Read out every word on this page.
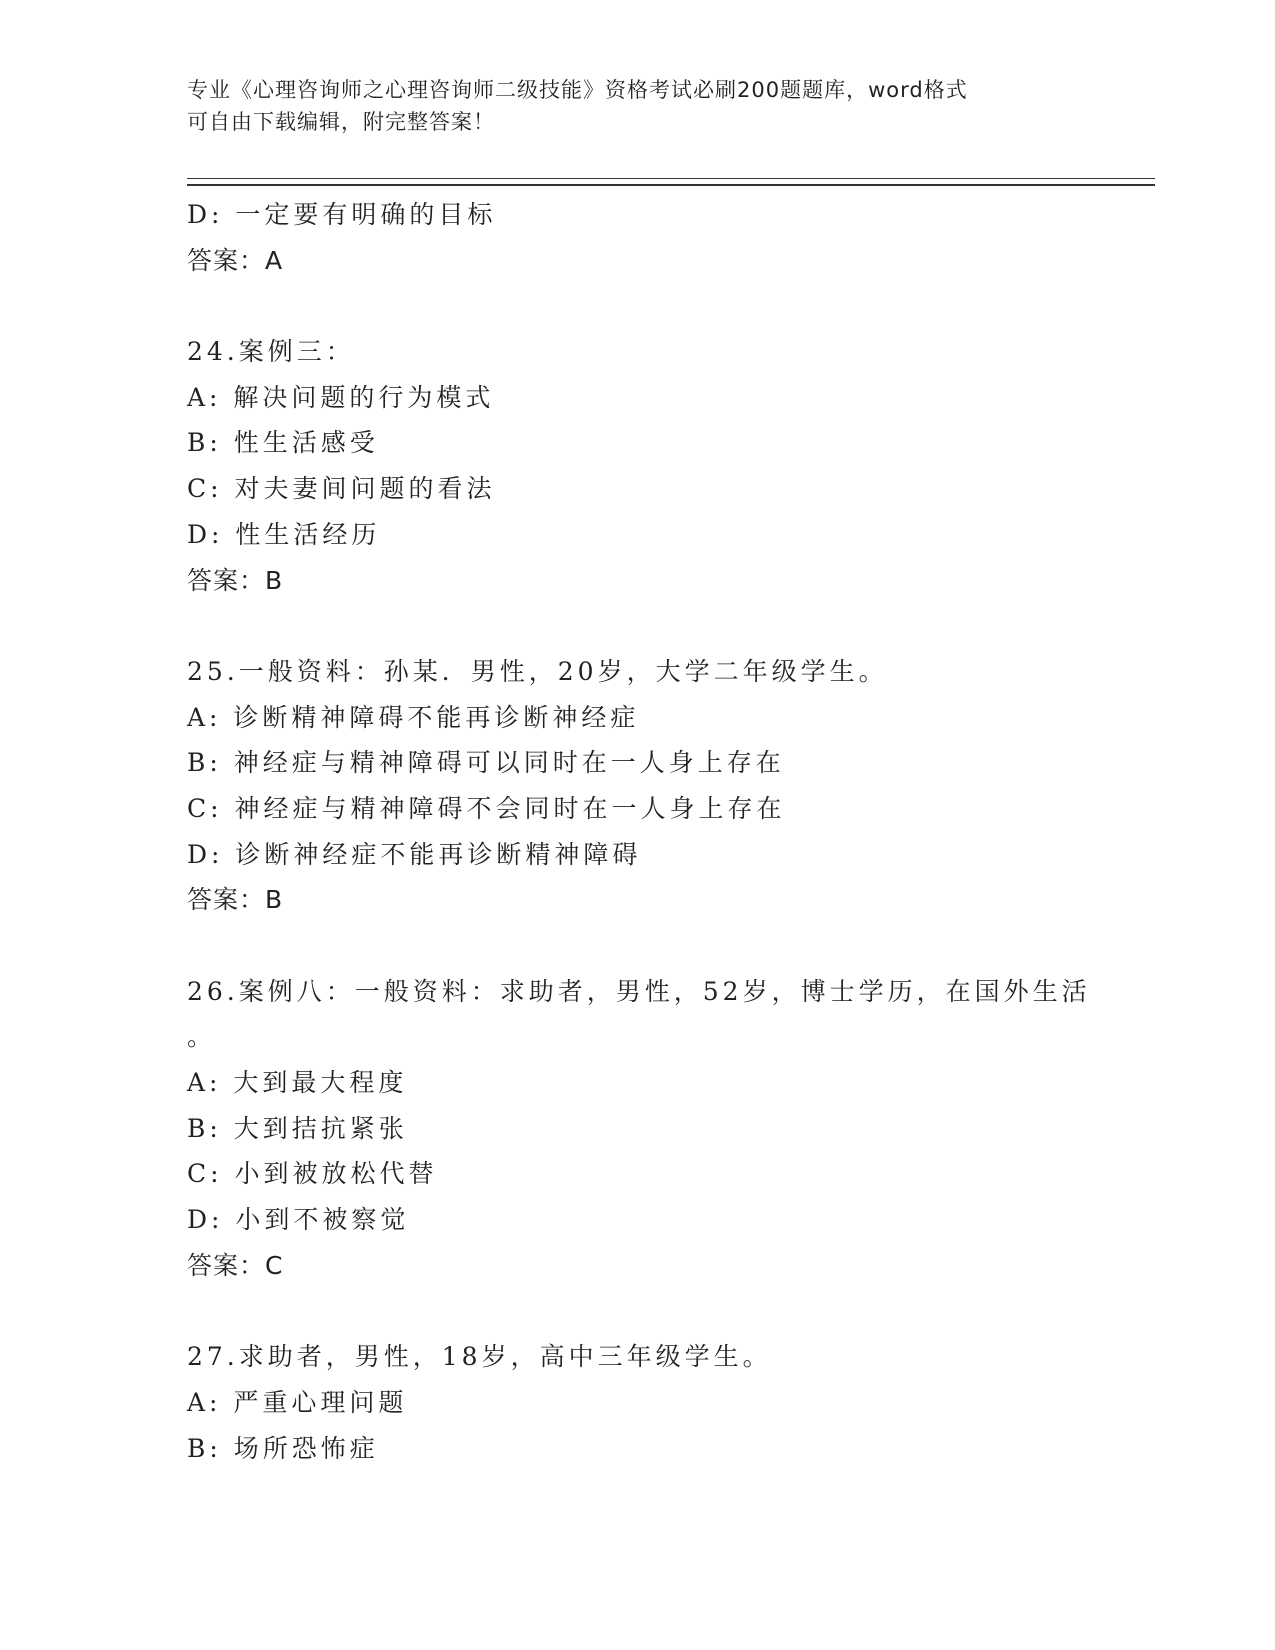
专业《心理咨询师之心理咨询师二级技能》资格考试必刷200题题库，word格式
可自由下载编辑，附完整答案！
D: 一定要有明确的目标
答案：A
24.案例三：
A: 解决问题的行为模式
B: 性生活感受
C: 对夫妻间问题的看法
D: 性生活经历
答案：B
25.一般资料：孙某．男性，20岁，大学二年级学生。
A: 诊断精神障碍不能再诊断神经症
B: 神经症与精神障碍可以同时在一人身上存在
C: 神经症与精神障碍不会同时在一人身上存在
D: 诊断神经症不能再诊断精神障碍
答案：B
26.案例八：一般资料：求助者，男性，52岁，博士学历，在国外生活
。
A: 大到最大程度
B: 大到拮抗紧张
C: 小到被放松代替
D: 小到不被察觉
答案：C
27.求助者，男性，18岁，高中三年级学生。
A: 严重心理问题
B: 场所恐怖症
